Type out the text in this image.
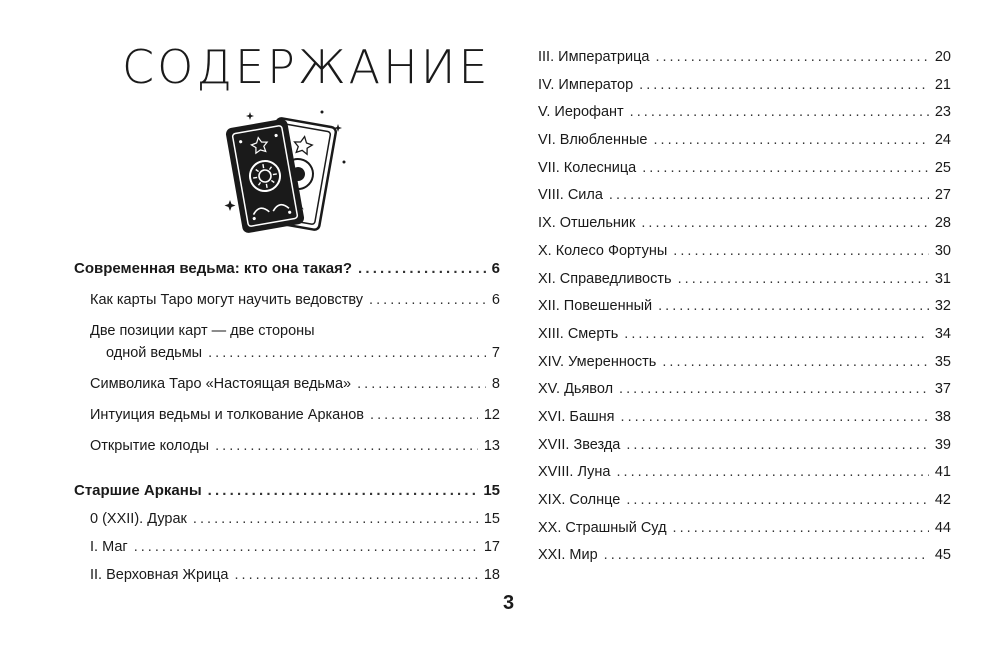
СОДЕРЖАНИЕ
Современная ведьма: кто она такая? . . .	6
Как карты Таро могут научить ведовству . . .	6
Две позиции карт — две стороны
одной ведьмы . . .	7
Символика Таро «Настоящая ведьма» . . .	8
Интуиция ведьмы и толкование Арканов . . .	12
Открытие колоды . . .	13
Старшие Арканы . . .	15
0 (XXII). Дурак . . .	15
I. Маг . . .	17
II. Верховная Жрица . . .	18
III. Императрица . . .	20
IV. Император . . .	21
V. Иерофант . . .	23
VI. Влюбленные . . .	24
VII. Колесница . . .	25
VIII. Сила . . .	27
IX. Отшельник . . .	28
X. Колесо Фортуны . . .	30
XI. Справедливость . . .	31
XII. Повешенный . . .	32
XIII. Смерть . . .	34
XIV. Умеренность . . .	35
XV. Дьявол . . .	37
XVI. Башня . . .	38
XVII. Звезда . . .	39
XVIII. Луна . . .	41
XIX. Солнце . . .	42
XX. Страшный Суд . . .	44
XXI. Мир . . .	45
3
